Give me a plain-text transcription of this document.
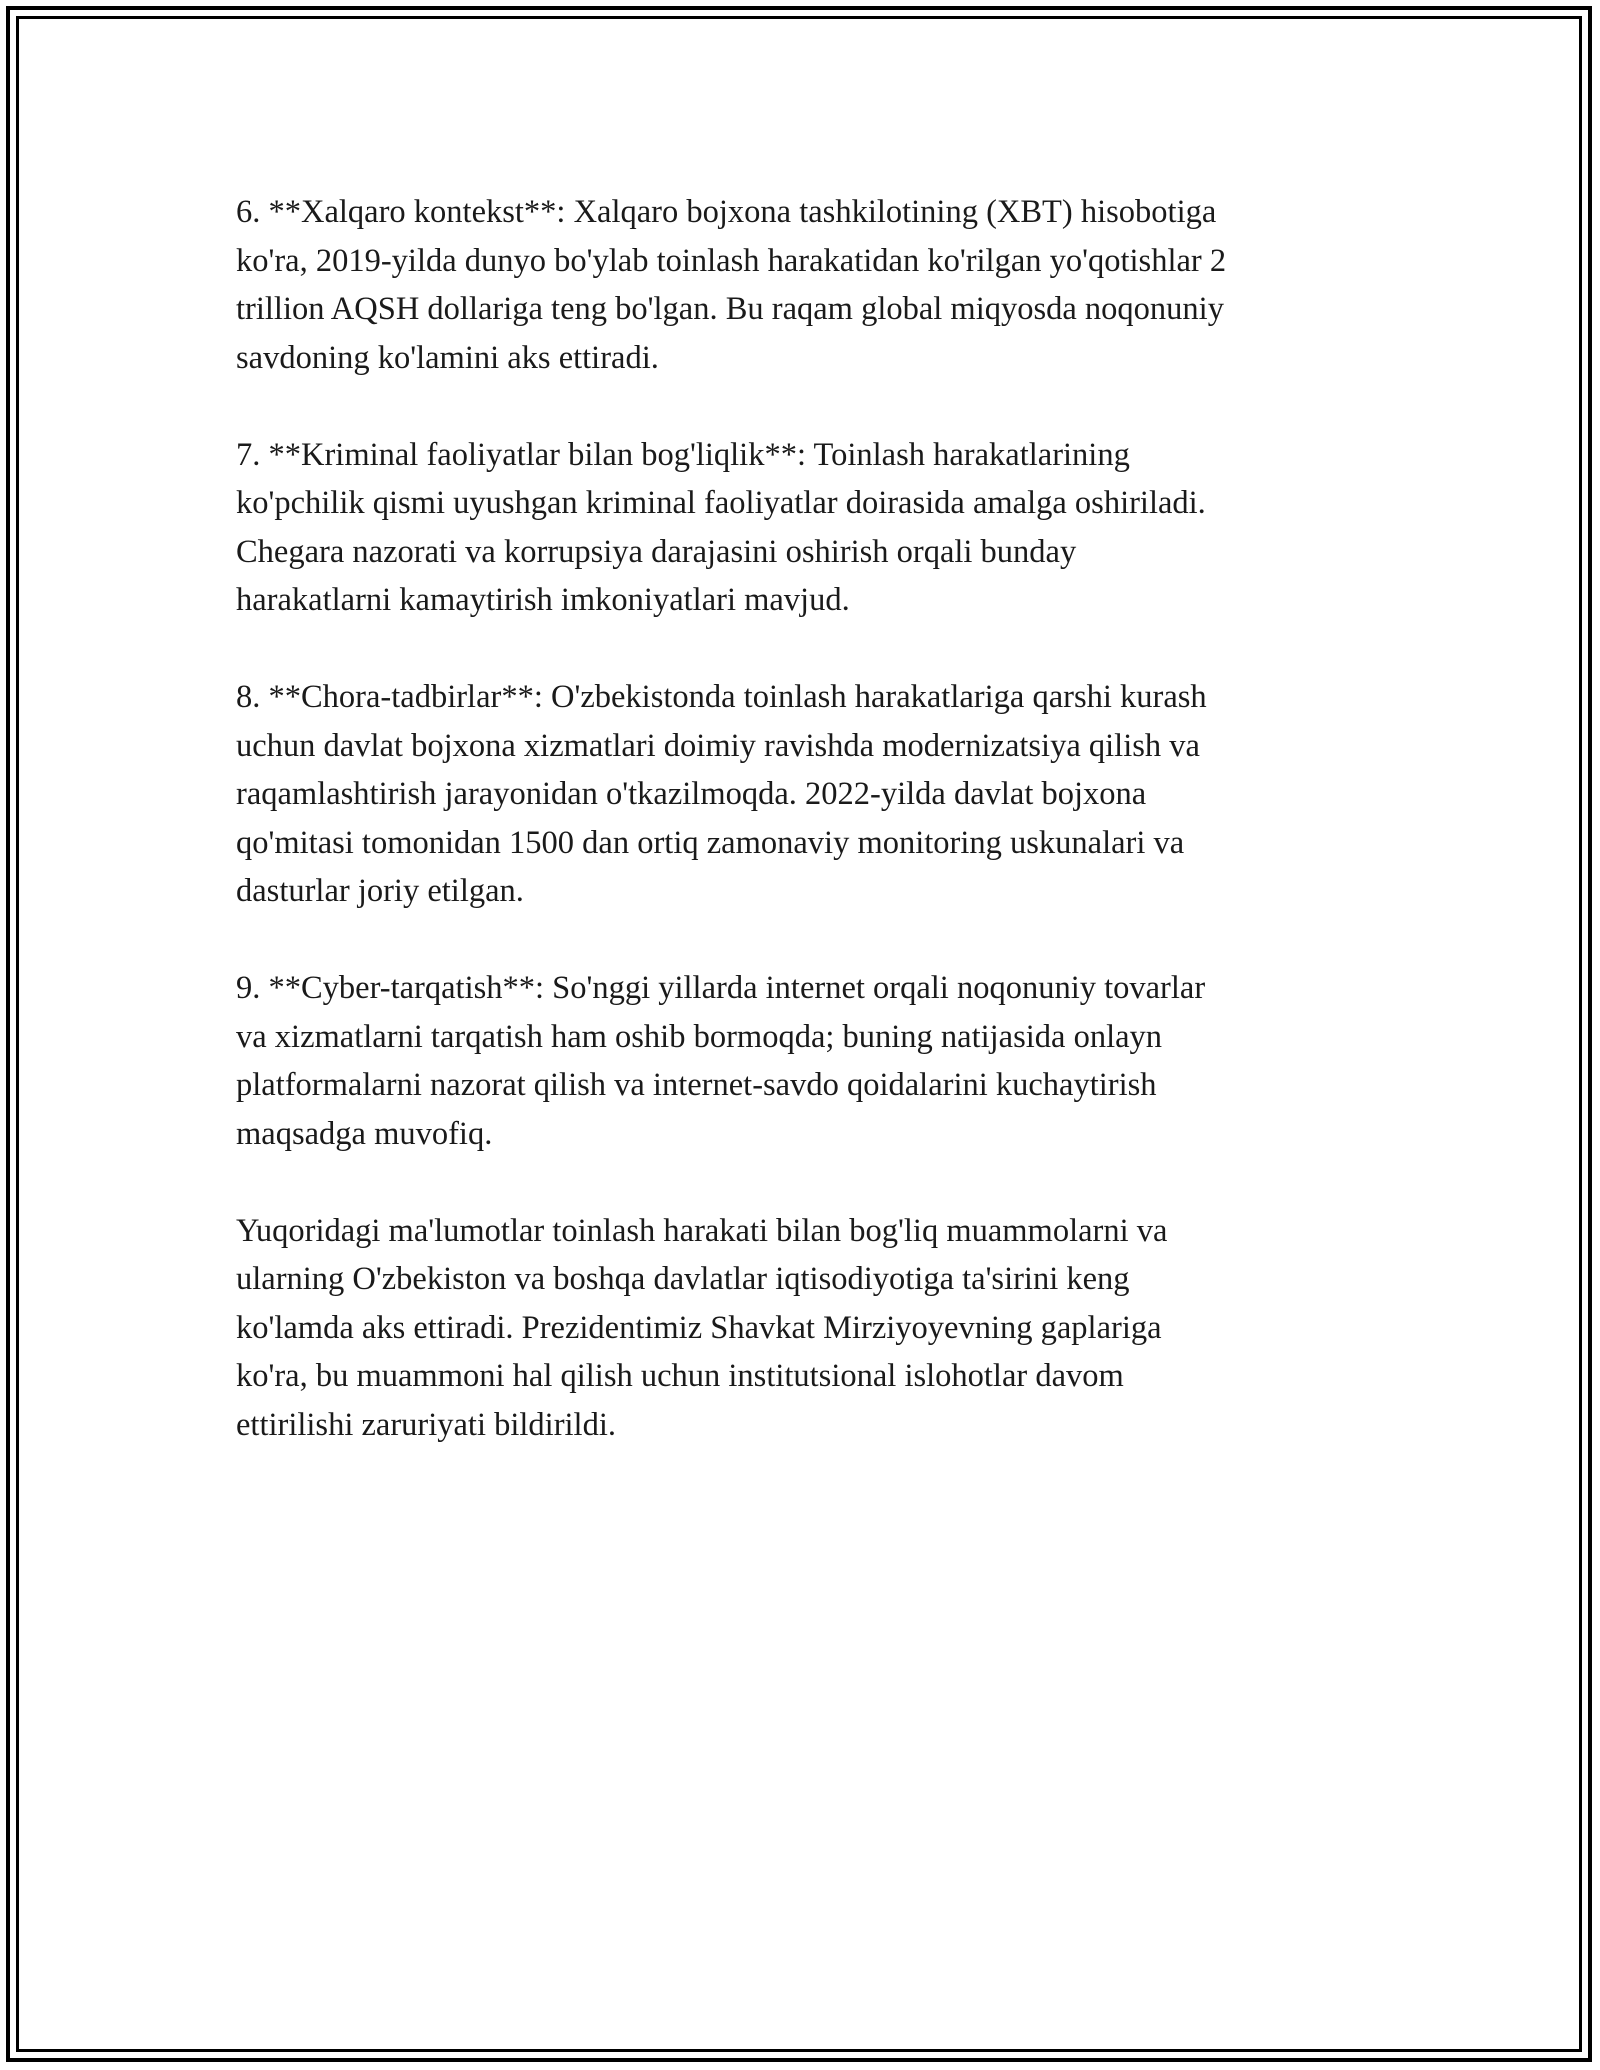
6. **Xalqaro kontekst**: Xalqaro bojxona tashkilotining (XBT) hisobotiga
ko'ra, 2019-yilda dunyo bo'ylab toinlash harakatidan ko'rilgan yo'qotishlar 2
trillion AQSH dollariga teng bo'lgan. Bu raqam global miqyosda noqonuniy
savdoning ko'lamini aks ettiradi.

7. **Kriminal faoliyatlar bilan bog'liqlik**: Toinlash harakatlarining
ko'pchilik qismi uyushgan kriminal faoliyatlar doirasida amalga oshiriladi.
Chegara nazorati va korrupsiya darajasini oshirish orqali bunday
harakatlarni kamaytirish imkoniyatlari mavjud.

8. **Chora-tadbirlar**: O'zbekistonda toinlash harakatlariga qarshi kurash
uchun davlat bojxona xizmatlari doimiy ravishda modernizatsiya qilish va
raqamlashtirish jarayonidan o'tkazilmoqda. 2022-yilda davlat bojxona
qo'mitasi tomonidan 1500 dan ortiq zamonaviy monitoring uskunalari va
dasturlar joriy etilgan.

9. **Cyber-tarqatish**: So'nggi yillarda internet orqali noqonuniy tovarlar
va xizmatlarni tarqatish ham oshib bormoqda; buning natijasida onlayn
platformalarni nazorat qilish va internet-savdo qoidalarini kuchaytirish
maqsadga muvofiq.

Yuqoridagi ma'lumotlar toinlash harakati bilan bog'liq muammolarni va
ularning O'zbekiston va boshqa davlatlar iqtisodiyotiga ta'sirini keng
ko'lamda aks ettiradi. Prezidentimiz Shavkat Mirziyoyevning gaplariga
ko'ra, bu muammoni hal qilish uchun institutsional islohotlar davom
ettirilishi zaruriyati bildirildi.
